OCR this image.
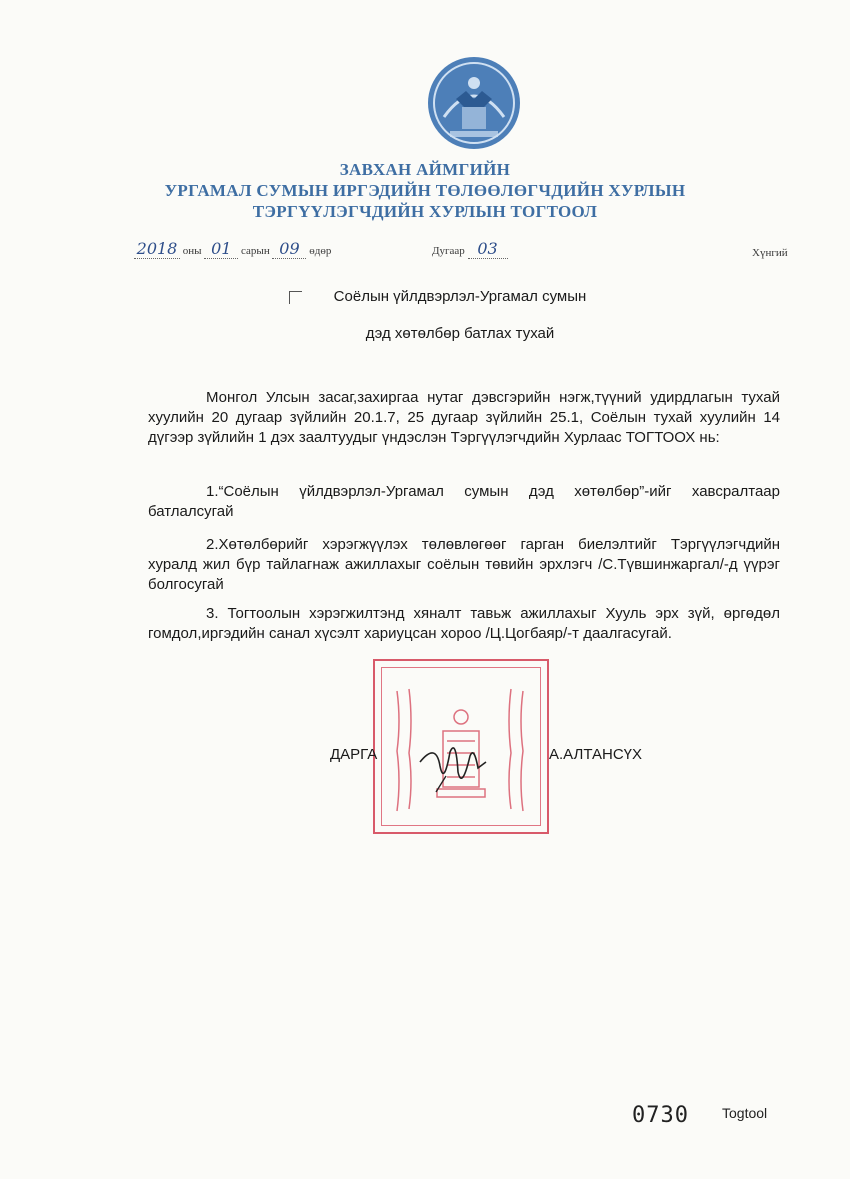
ЗАВХАН АЙМГИЙН
УРГАМАЛ СУМЫН ИРГЭДИЙН ТӨЛӨӨЛӨГЧДИЙН ХУРЛЫН
ТЭРГҮҮЛЭГЧДИЙН ХУРЛЫН ТОГТООЛ
2018 оны 01 сарын 09 өдөр	Дугаар 03	Хүнгий
Соёлын үйлдвэрлэл-Ургамал сумын
дэд хөтөлбөр батлах тухай
Монгол Улсын засаг,захиргаа нутаг дэвсгэрийн нэгж,түүний удирдлагын тухай хуулийн 20 дугаар зүйлийн 20.1.7, 25 дугаар зүйлийн 25.1, Соёлын тухай хуулийн 14 дүгээр зүйлийн 1 дэх заалтуудыг үндэслэн Тэргүүлэгчдийн Хурлаас ТОГТООХ нь:
1.“Соёлын үйлдвэрлэл-Ургамал сумын дэд хөтөлбөр”-ийг хавсралтаар батлалсугай
2.Хөтөлбөрийг хэрэгжүүлэх төлөвлөгөөг гарган биелэлтийг Тэргүүлэгчдийн хуралд жил бүр тайлагнаж ажиллахыг соёлын төвийн эрхлэгч /С.Түвшинжаргал/-д үүрэг болгосугай
3. Тогтоолын хэрэгжилтэнд хяналт тавьж ажиллахыг Хууль эрх зүй, өргөдөл гомдол,иргэдийн санал хүсэлт хариуцсан хороо /Ц.Цогбаяр/-т даалгасугай.
ДАРГА	А.АЛТАНСҮХ
0730 Togtool
